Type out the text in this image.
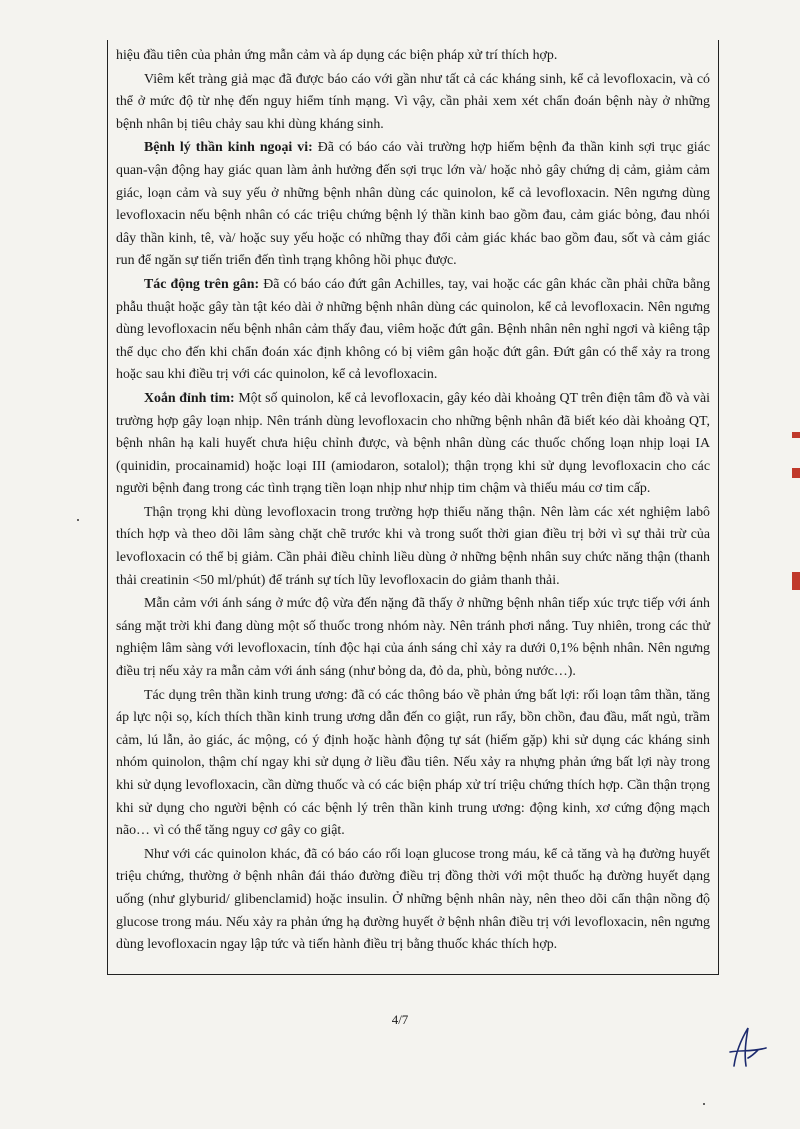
hiệu đầu tiên của phản ứng mẫn cảm và áp dụng các biện pháp xử trí thích hợp.

Viêm kết tràng giả mạc đã được báo cáo với gần như tất cả các kháng sinh, kể cả levofloxacin, và có thể ở mức độ từ nhẹ đến nguy hiểm tính mạng. Vì vậy, cần phải xem xét chẩn đoán bệnh này ở những bệnh nhân bị tiêu chảy sau khi dùng kháng sinh.

Bệnh lý thần kinh ngoại vi: Đã có báo cáo vài trường hợp hiếm bệnh đa thần kinh sợi trục giác quan-vận động hay giác quan làm ảnh hưởng đến sợi trục lớn và/ hoặc nhỏ gây chứng dị cảm, giảm cảm giác, loạn cảm và suy yếu ở những bệnh nhân dùng các quinolon, kể cả levofloxacin. Nên ngưng dùng levofloxacin nếu bệnh nhân có các triệu chứng bệnh lý thần kinh bao gồm đau, cảm giác bỏng, đau nhói dây thần kinh, tê, và/ hoặc suy yếu hoặc có những thay đổi cảm giác khác bao gồm đau, sốt và cảm giác run để ngăn sự tiến triển đến tình trạng không hồi phục được.

Tác động trên gân: Đã có báo cáo đứt gân Achilles, tay, vai hoặc các gân khác cần phải chữa bằng phẫu thuật hoặc gây tàn tật kéo dài ở những bệnh nhân dùng các quinolon, kể cả levofloxacin. Nên ngưng dùng levofloxacin nếu bệnh nhân cảm thấy đau, viêm hoặc đứt gân. Bệnh nhân nên nghỉ ngơi và kiêng tập thể dục cho đến khi chẩn đoán xác định không có bị viêm gân hoặc đứt gân. Đứt gân có thể xảy ra trong hoặc sau khi điều trị với các quinolon, kể cả levofloxacin.

Xoắn đỉnh tim: Một số quinolon, kể cả levofloxacin, gây kéo dài khoảng QT trên điện tâm đồ và vài trường hợp gây loạn nhịp. Nên tránh dùng levofloxacin cho những bệnh nhân đã biết kéo dài khoảng QT, bệnh nhân hạ kali huyết chưa hiệu chỉnh được, và bệnh nhân dùng các thuốc chống loạn nhịp loại IA (quinidin, procainamid) hoặc loại III (amiodaron, sotalol); thận trọng khi sử dụng levofloxacin cho các người bệnh đang trong các tình trạng tiền loạn nhịp như nhịp tim chậm và thiếu máu cơ tim cấp.

Thận trọng khi dùng levofloxacin trong trường hợp thiểu năng thận. Nên làm các xét nghiệm labô thích hợp và theo dõi lâm sàng chặt chẽ trước khi và trong suốt thời gian điều trị bởi vì sự thải trừ của levofloxacin có thể bị giảm. Cần phải điều chỉnh liều dùng ở những bệnh nhân suy chức năng thận (thanh thải creatinin <50 ml/phút) để tránh sự tích lũy levofloxacin do giảm thanh thải.

Mẫn cảm với ánh sáng ở mức độ vừa đến nặng đã thấy ở những bệnh nhân tiếp xúc trực tiếp với ánh sáng mặt trời khi đang dùng một số thuốc trong nhóm này. Nên tránh phơi nắng. Tuy nhiên, trong các thử nghiệm lâm sàng với levofloxacin, tính độc hại của ánh sáng chỉ xảy ra dưới 0,1% bệnh nhân. Nên ngưng điều trị nếu xảy ra mẫn cảm với ánh sáng (như bỏng da, đỏ da, phù, bỏng nước…).

Tác dụng trên thần kinh trung ương: đã có các thông báo về phản ứng bất lợi: rối loạn tâm thần, tăng áp lực nội sọ, kích thích thần kinh trung ương dẫn đến co giật, run rẩy, bồn chồn, đau đầu, mất ngủ, trầm cảm, lú lẫn, ảo giác, ác mộng, có ý định hoặc hành động tự sát (hiếm gặp) khi sử dụng các kháng sinh nhóm quinolon, thậm chí ngay khi sử dụng ở liều đầu tiên. Nếu xảy ra nhựng phản ứng bất lợi này trong khi sử dụng levofloxacin, cần dừng thuốc và có các biện pháp xử trí triệu chứng thích hợp. Cần thận trọng khi sử dụng cho người bệnh có các bệnh lý trên thần kinh trung ương: động kinh, xơ cứng động mạch não… vì có thể tăng nguy cơ gây co giật.

Như với các quinolon khác, đã có báo cáo rối loạn glucose trong máu, kể cả tăng và hạ đường huyết triệu chứng, thường ở bệnh nhân đái tháo đường điều trị đồng thời với một thuốc hạ đường huyết dạng uống (như glyburid/ glibenclamid) hoặc insulin. Ở những bệnh nhân này, nên theo dõi cẩn thận nồng độ glucose trong máu. Nếu xảy ra phản ứng hạ đường huyết ở bệnh nhân điều trị với levofloxacin, nên ngưng dùng levofloxacin ngay lập tức và tiến hành điều trị bằng thuốc khác thích hợp.

4/7
